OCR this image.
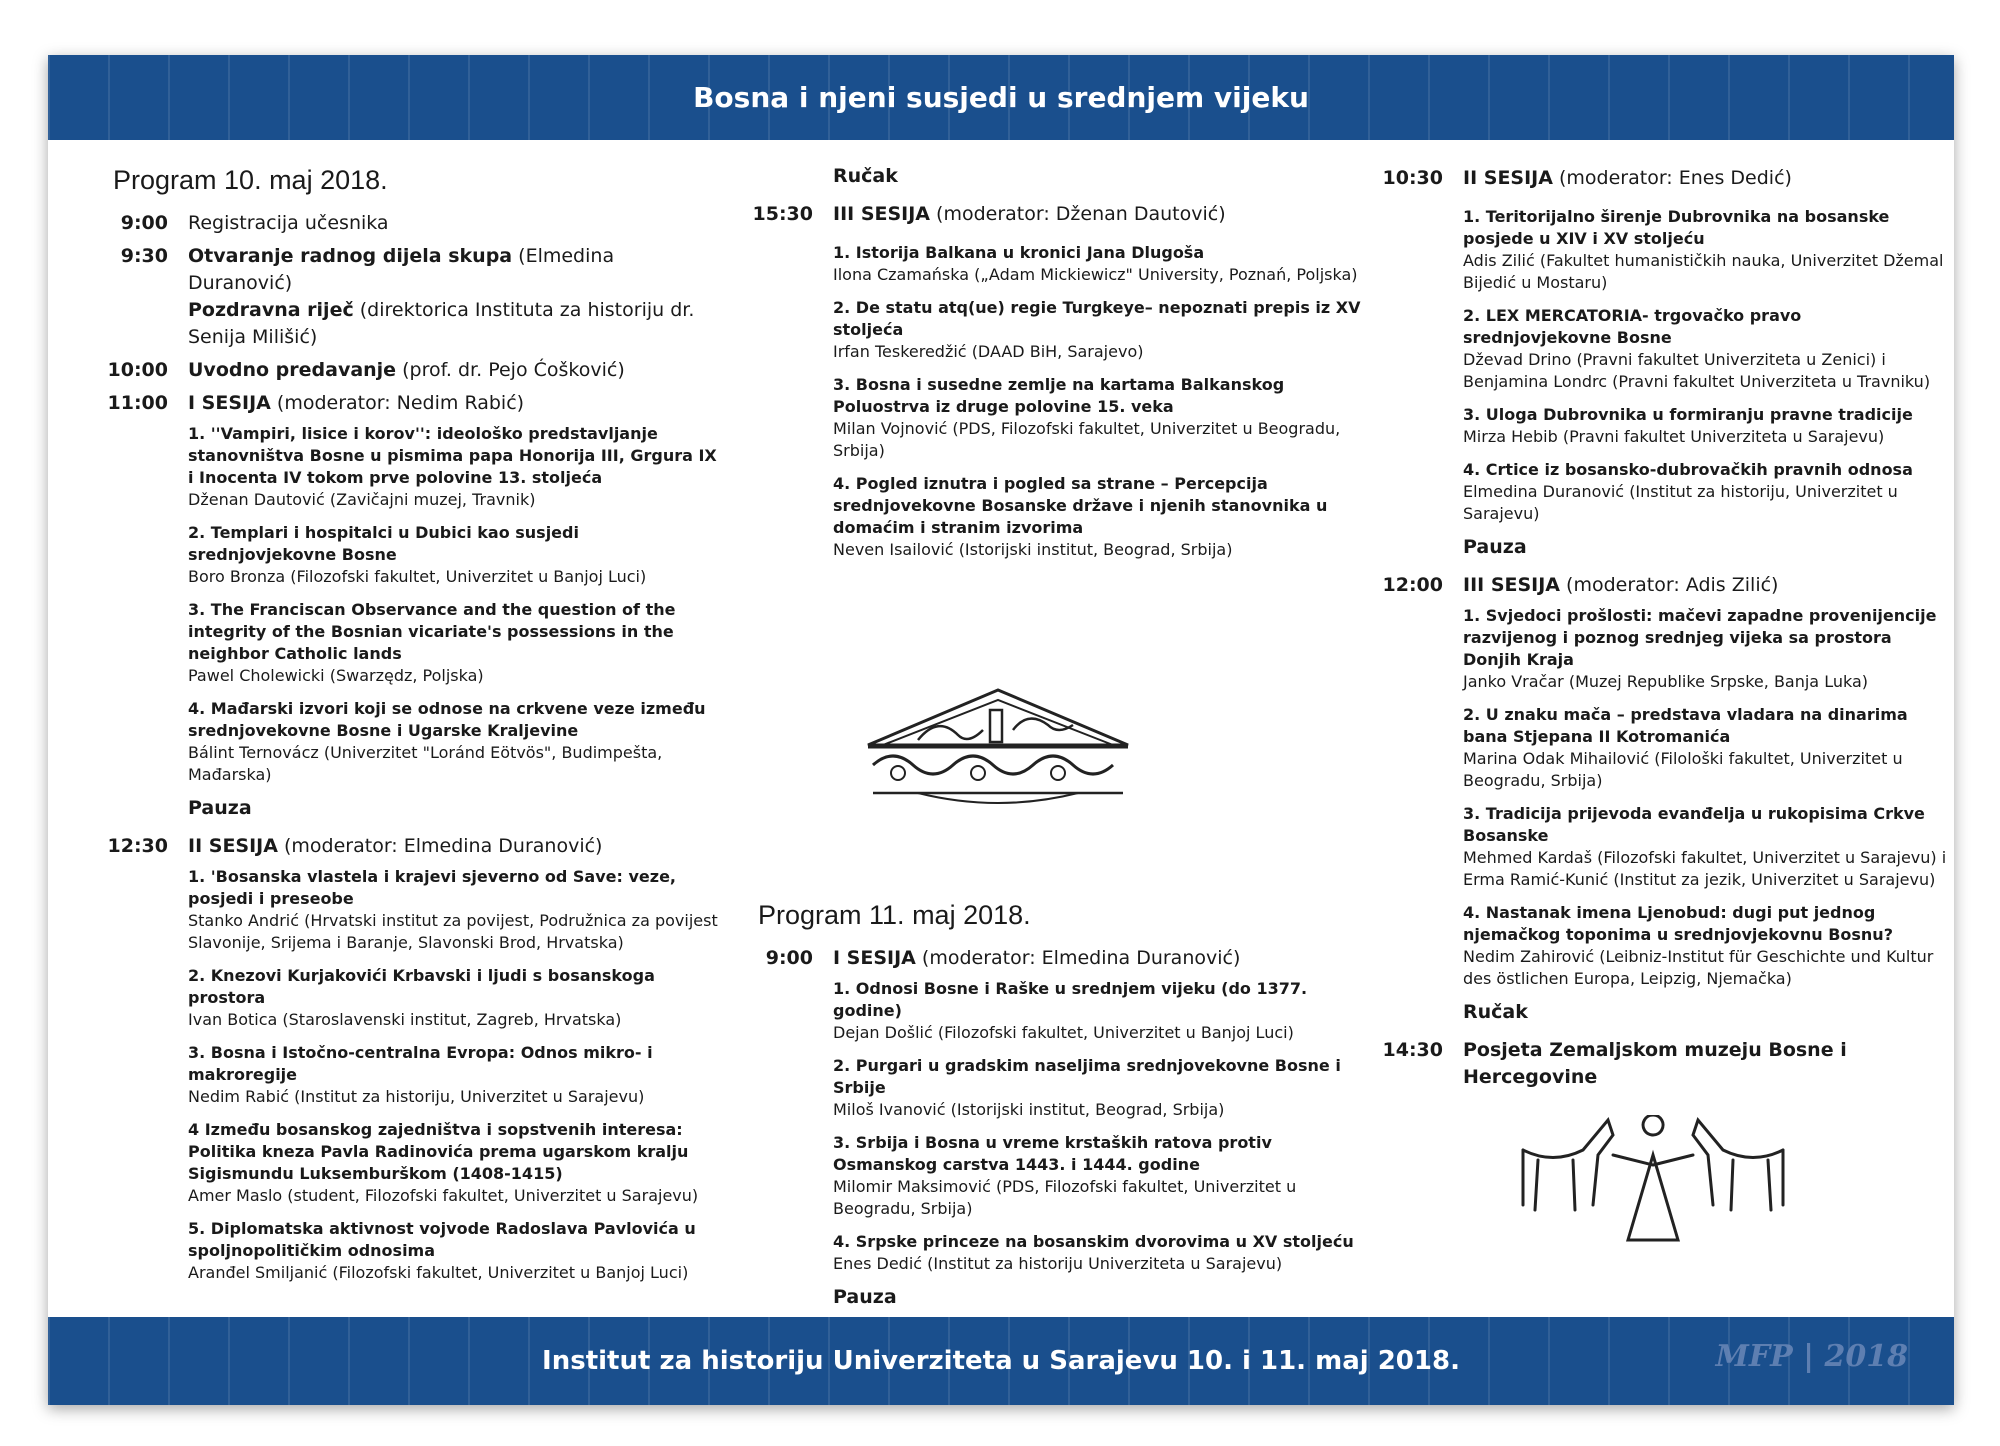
Bosna i njeni susjedi u srednjem vijeku
Program 10. maj 2018.
9:00	Registracija učesnika
9:30	Otvaranje radnog dijela skupa (Elmedina Duranović)
Pozdravna riječ (direktorica Instituta za historiju dr. Senija Milišić)
10:00	Uvodno predavanje (prof. dr. Pejo Ćošković)
11:00	I SESIJA (moderator: Nedim Rabić)
1. ''Vampiri, lisice i korov'': ideološko predstavljanje stanovništva Bosne u pismima papa Honorija III, Grgura IX i Inocenta IV tokom prve polovine 13. stoljeća
Dženan Dautović (Zavičajni muzej, Travnik)
2. Templari i hospitalci u Dubici kao susjedi srednjovjekovne Bosne
Boro Bronza (Filozofski fakultet, Univerzitet u Banjoj Luci)
3. The Franciscan Observance and the question of the integrity of the Bosnian vicariate's possessions in the neighbor Catholic lands
Pawel Cholewicki (Swarzędz, Poljska)
4. Mađarski izvori koji se odnose na crkvene veze između srednjovekovne Bosne i Ugarske Kraljevine
Bálint Ternovácz (Univerzitet "Loránd Eötvös", Budimpešta, Mađarska)
Pauza
12:30	II SESIJA (moderator: Elmedina Duranović)
1. 'Bosanska vlastela i krajevi sjeverno od Save: veze, posjedi i preseobe
Stanko Andrić (Hrvatski institut za povijest, Podružnica za povijest Slavonije, Srijema i Baranje, Slavonski Brod, Hrvatska)
2. Knezovi Kurjakovići Krbavski i ljudi s bosanskoga prostora
Ivan Botica (Staroslavenski institut, Zagreb, Hrvatska)
3. Bosna i Istočno-centralna Evropa: Odnos mikro- i makroregije
Nedim Rabić (Institut za historiju, Univerzitet u Sarajevu)
4 Između bosanskog zajedništva i sopstvenih interesa: Politika kneza Pavla Radinovića prema ugarskom kralju Sigismundu Luksemburškom (1408-1415)
Amer Maslo (student, Filozofski fakultet, Univerzitet u Sarajevu)
5. Diplomatska aktivnost vojvode Radoslava Pavlovića u spoljnopolitičkim odnosima
Aranđel Smiljanić (Filozofski fakultet, Univerzitet u Banjoj Luci)
Ručak
15:30	III SESIJA (moderator: Dženan Dautović)
1. Istorija Balkana u kronici Jana Dlugoša
Ilona Czamańska („Adam Mickiewicz" University, Poznań, Poljska)
2. De statu atq(ue) regie Turgkeye– nepoznati prepis iz XV stoljeća
Irfan Teskeredžić (DAAD BiH, Sarajevo)
3. Bosna i susedne zemlje na kartama Balkanskog Poluostrva iz druge polovine 15. veka
Milan Vojnović (PDS, Filozofski fakultet, Univerzitet u Beogradu, Srbija)
4. Pogled iznutra i pogled sa strane – Percepcija srednjovekovne Bosanske države i njenih stanovnika u domaćim i stranim izvorima
Neven Isailović (Istorijski institut, Beograd, Srbija)
Program 11. maj 2018.
9:00	I SESIJA (moderator: Elmedina Duranović)
1. Odnosi Bosne i Raške u srednjem vijeku (do 1377. godine)
Dejan Došlić (Filozofski fakultet, Univerzitet u Banjoj Luci)
2. Purgari u gradskim naseljima srednjovekovne Bosne i Srbije
Miloš Ivanović (Istorijski institut, Beograd, Srbija)
3. Srbija i Bosna u vreme krstaških ratova protiv Osmanskog carstva 1443. i 1444. godine
Milomir Maksimović (PDS, Filozofski fakultet, Univerzitet u Beogradu, Srbija)
4. Srpske princeze na bosanskim dvorovima u XV stoljeću
Enes Dedić (Institut za historiju Univerziteta u Sarajevu)
Pauza
10:30	II SESIJA (moderator: Enes Dedić)
1. Teritorijalno širenje Dubrovnika na bosanske posjede u XIV i XV stoljeću
Adis Zilić (Fakultet humanističkih nauka, Univerzitet Džemal Bijedić u Mostaru)
2. LEX MERCATORIA- trgovačko pravo srednjovjekovne Bosne
Dževad Drino (Pravni fakultet Univerziteta u Zenici) i Benjamina Londrc (Pravni fakultet Univerziteta u Travniku)
3. Uloga Dubrovnika u formiranju pravne tradicije
Mirza Hebib (Pravni fakultet Univerziteta u Sarajevu)
4. Crtice iz bosansko-dubrovačkih pravnih odnosa
Elmedina Duranović (Institut za historiju, Univerzitet u Sarajevu)
Pauza
12:00	III SESIJA (moderator: Adis Zilić)
1. Svjedoci prošlosti: mačevi zapadne provenijencije razvijenog i poznog srednjeg vijeka sa prostora Donjih Kraja
Janko Vračar (Muzej Republike Srpske, Banja Luka)
2. U znaku mača – predstava vladara na dinarima bana Stjepana II Kotromanića
Marina Odak Mihailović (Filološki fakultet, Univerzitet u Beogradu, Srbija)
3. Tradicija prijevoda evanđelja u rukopisima Crkve Bosanske
Mehmed Kardaš (Filozofski fakultet, Univerzitet u Sarajevu) i Erma Ramić-Kunić (Institut za jezik, Univerzitet u Sarajevu)
4. Nastanak imena Ljenobud: dugi put jednog njemačkog toponima u srednjovjekovnu Bosnu?
Nedim Zahirović (Leibniz-Institut für Geschichte und Kultur des östlichen Europa, Leipzig, Njemačka)
Ručak
14:30	Posjeta Zemaljskom muzeju Bosne i Hercegovine
Institut za historiju Univerziteta u Sarajevu 10. i 11. maj 2018.	MFP | 2018
